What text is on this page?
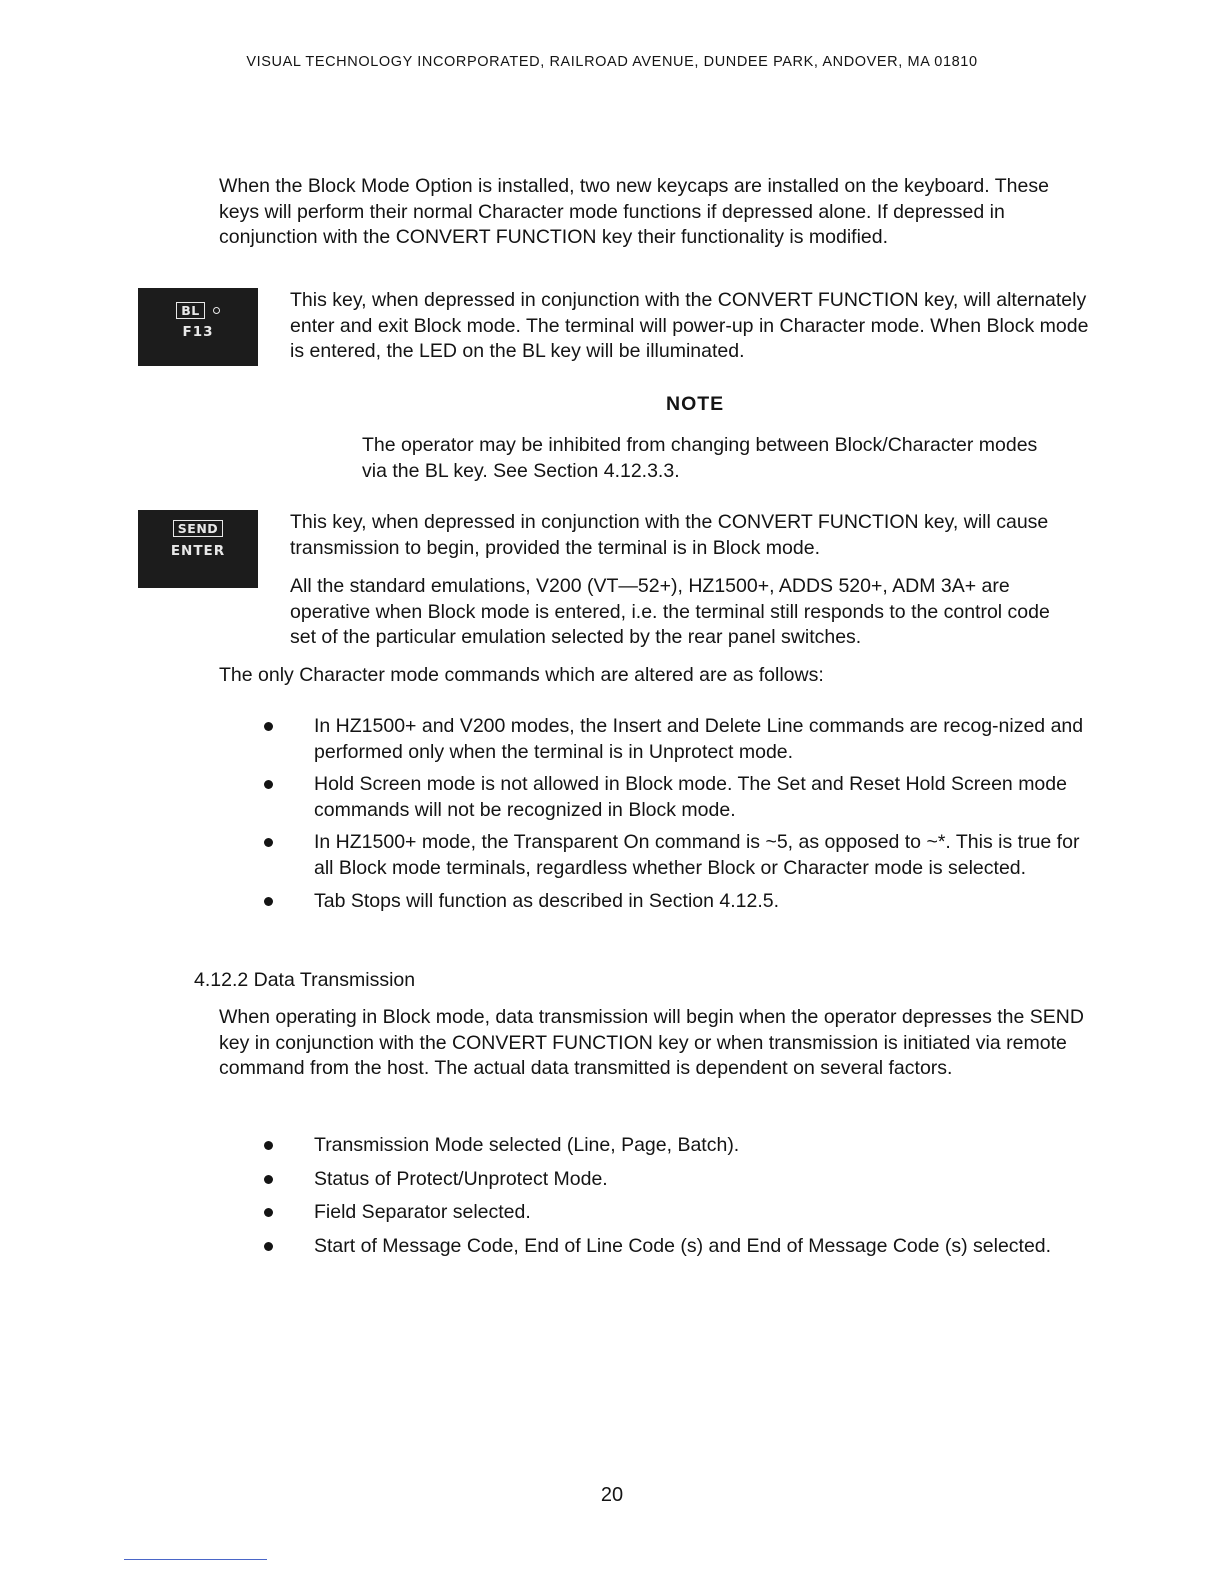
VISUAL TECHNOLOGY INCORPORATED, RAILROAD AVENUE, DUNDEE PARK, ANDOVER, MA 01810
When the Block Mode Option is installed, two new keycaps are installed on the keyboard. These keys will perform their normal Character mode functions if depressed alone. If depressed in conjunction with the CONVERT FUNCTION key their functionality is modified.
BL
F13
This key, when depressed in conjunction with the CONVERT FUNCTION key, will alternately enter and exit Block mode. The terminal will power-up in Character mode. When Block mode is entered, the LED on the BL key will be illuminated.
NOTE
The operator may be inhibited from changing between Block/Character modes via the BL key. See Section 4.12.3.3.
SEND
ENTER
This key, when depressed in conjunction with the CONVERT FUNCTION key, will cause transmission to begin, provided the terminal is in Block mode.
All the standard emulations, V200 (VT—52+), HZ1500+, ADDS 520+, ADM 3A+ are operative when Block mode is entered, i.e. the terminal still responds to the control code set of the particular emulation selected by the rear panel switches.
The only Character mode commands which are altered are as follows:
In HZ1500+ and V200 modes, the Insert and Delete Line commands are recog-nized and performed only when the terminal is in Unprotect mode.
Hold Screen mode is not allowed in Block mode. The Set and Reset Hold Screen mode commands will not be recognized in Block mode.
In HZ1500+ mode, the Transparent On command is ~5, as opposed to ~*. This is true for all Block mode terminals, regardless whether Block or Character mode is selected.
Tab Stops will function as described in Section 4.12.5.
4.12.2 Data Transmission
When operating in Block mode, data transmission will begin when the operator depresses the SEND key in conjunction with the CONVERT FUNCTION key or when transmission is initiated via remote command from the host. The actual data transmitted is dependent on several factors.
Transmission Mode selected (Line, Page, Batch).
Status of Protect/Unprotect Mode.
Field Separator selected.
Start of Message Code, End of Line Code (s) and End of Message Code (s) selected.
20
